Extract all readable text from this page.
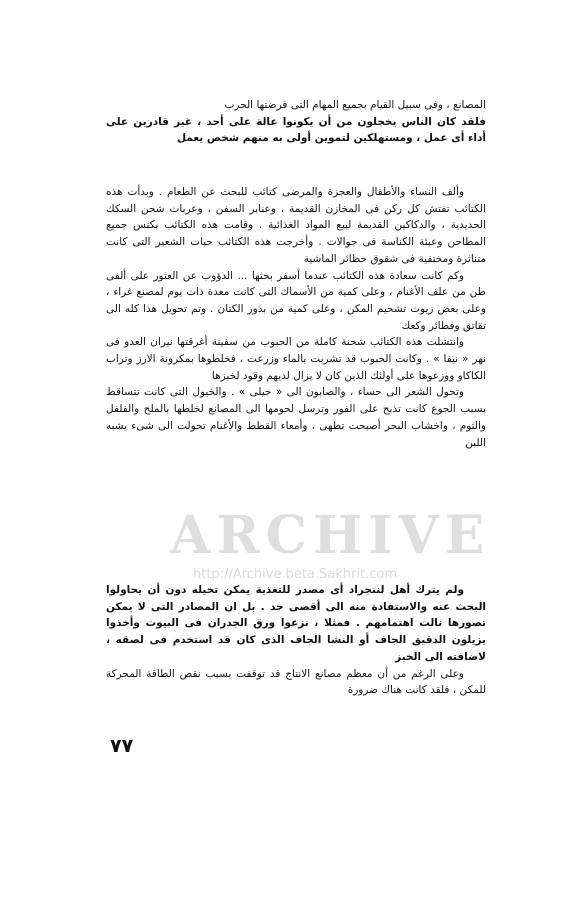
المصانع ، وفى سبيل القيام بجميع المهام التى فرضتها الحرب

فلقد كان الناس يخجلون من أن يكونوا عالة على أحد ، غير قادرين على أداء أى عمل ، ومستهلكين لتموين أولى به منهم شخص يعمل

وألف النساء والأطفال والعجزة والمرضى كتائب للبحث عن الطعام . وبدأت هذه الكتائب تفتش كل ركن فى المخازن القديمة ، وعنابر السفن ، وعربات شحن السكك الحديدية ، والدكاكين القديمة لبيع المواد الغذائية . وقامت هذه الكتائب بكنس جميع المطاحن وعبئة الكناسة فى جوالات . وأخرجت هذه الكتائب حبات الشعير التى كانت متناثرة ومختفية فى شقوق حظائر الماشية

وكم كانت سعادة هذه الكتائب عندما أسفر بحثها ... الدؤوب عن العثور على ألفى طن من علف الأغنام ، وعلى كمية من الأسماك التى كانت معدة ذات يوم لمصنع غراء ، وعلى بعض زيوت تشحيم المكن ، وعلى كمية من بذور الكتان . وتم تحويل هذا كله الى تقاتق وفطائر وكعك

وانتشلت هذه الكتائب شحنة كاملة من الحبوب من سفينة أغرقتها نيران العدو فى نهر « نيفا » . وكانت الحبوب قد تشربت بالماء وزرعت ، فخلطوها بمكرونة الارز وتراب الكاكاو ووزعوها على أولئك الذين كان لا يزال لديهم وقود لخبزها

وتحول الشعر الى حساء ، والصابون الى « جيلى » . والخيول التى كانت تتساقط بسبب الجوع كانت تذبح على الفور وترسل لحومها الى المصانع لخلطها بالملح والفلفل والثوم ، واخشاب البحر أصبحت تطهى ، وأمعاء القطط والأغنام تحولت الى شىء يشبه اللبن

ولم يترك أهل لننجراد أى مصدر للتغذية يمكن تخيله دون أن يحاولوا البحث عنه والاستفادة منه الى أقصى حد . بل ان المصادر التى لا يمكن تصورها نالت اهتمامهم . فمثلا ، نزعوا ورق الجدران فى البيوت وأخذوا يزيلون الدقيق الجاف أو النشا الجاف الذى كان قد استخدم فى لصقه ، لاضافته الى الخبز

وعلى الرغم من أن معظم مصانع الانتاج قد توقفت بسبب نقص الطاقة المحركة للمكن ، فلقد كانت هناك ضرورة

ARCHIVE
http://Archive.beta.Sakhrit.com
٧٧
